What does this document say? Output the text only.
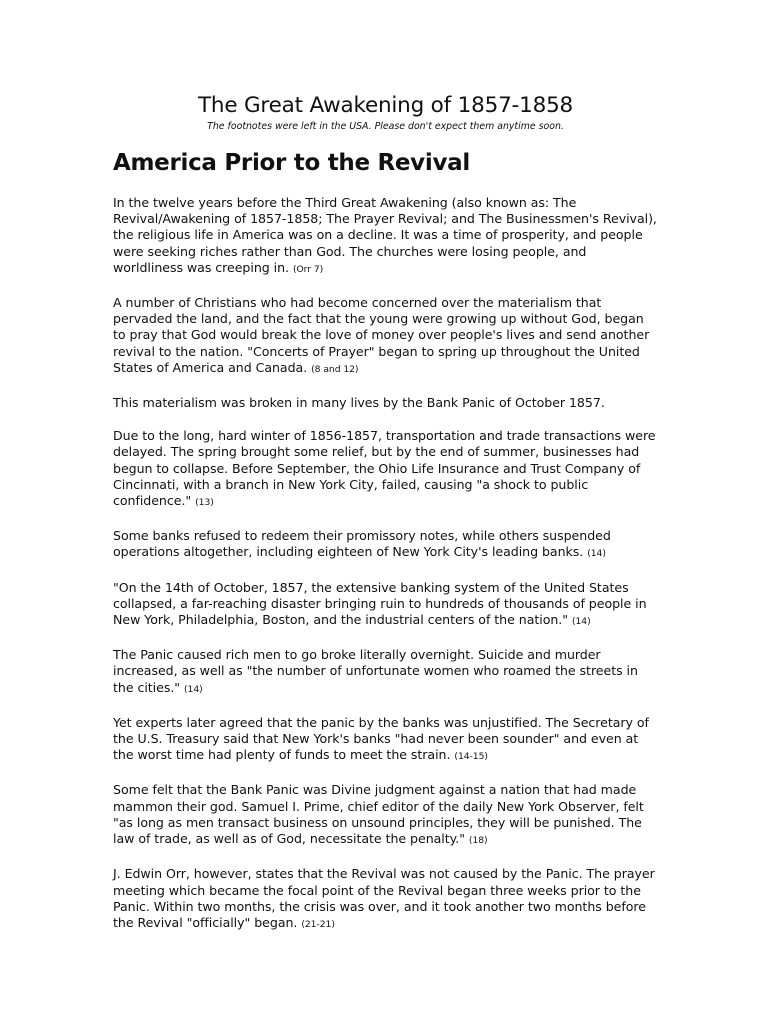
The Great Awakening of 1857-1858
The footnotes were left in the USA. Please don't expect them anytime soon.
America Prior to the Revival

In the twelve years before the Third Great Awakening (also known as: The Revival/Awakening of 1857-1858; The Prayer Revival; and The Businessmen's Revival), the religious life in America was on a decline. It was a time of prosperity, and people were seeking riches rather than God. The churches were losing people, and worldliness was creeping in. (Orr 7)

A number of Christians who had become concerned over the materialism that pervaded the land, and the fact that the young were growing up without God, began to pray that God would break the love of money over people's lives and send another revival to the nation. "Concerts of Prayer" began to spring up throughout the United States of America and Canada. (8 and 12)

This materialism was broken in many lives by the Bank Panic of October 1857.

Due to the long, hard winter of 1856-1857, transportation and trade transactions were delayed. The spring brought some relief, but by the end of summer, businesses had begun to collapse. Before September, the Ohio Life Insurance and Trust Company of Cincinnati, with a branch in New York City, failed, causing "a shock to public confidence." (13)

Some banks refused to redeem their promissory notes, while others suspended operations altogether, including eighteen of New York City's leading banks. (14)

"On the 14th of October, 1857, the extensive banking system of the United States collapsed, a far-reaching disaster bringing ruin to hundreds of thousands of people in New York, Philadelphia, Boston, and the industrial centers of the nation." (14)

The Panic caused rich men to go broke literally overnight. Suicide and murder increased, as well as "the number of unfortunate women who roamed the streets in the cities." (14)

Yet experts later agreed that the panic by the banks was unjustified. The Secretary of the U.S. Treasury said that New York's banks "had never been sounder" and even at the worst time had plenty of funds to meet the strain. (14-15)

Some felt that the Bank Panic was Divine judgment against a nation that had made mammon their god. Samuel I. Prime, chief editor of the daily New York Observer, felt "as long as men transact business on unsound principles, they will be punished. The law of trade, as well as of God, necessitate the penalty." (18)

J. Edwin Orr, however, states that the Revival was not caused by the Panic. The prayer meeting which became the focal point of the Revival began three weeks prior to the Panic. Within two months, the crisis was over, and it took another two months before the Revival "officially" began. (21-21)
